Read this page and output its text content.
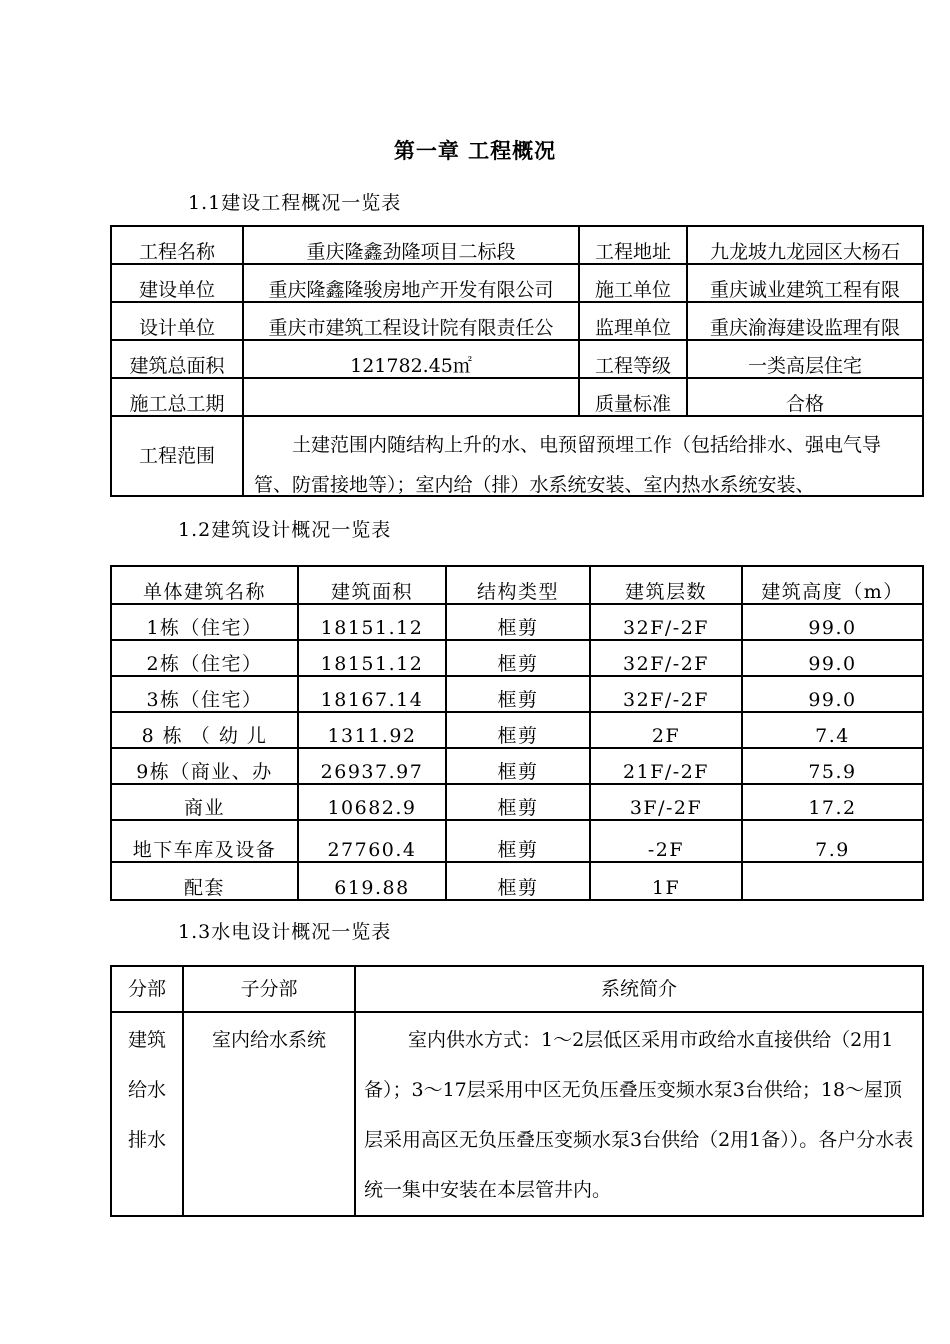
第一章 工程概况
1.1建设工程概况一览表
工程名称	重庆隆鑫劲隆项目二标段	工程地址	九龙坡九龙园区大杨石
建设单位	重庆隆鑫隆骏房地产开发有限公司	施工单位	重庆诚业建筑工程有限
设计单位	重庆市建筑工程设计院有限责任公	监理单位	重庆渝海建设监理有限
建筑总面积	121782.45㎡	工程等级	一类高层住宅
施工总工期		质量标准	合格
工程范围	土建范围内随结构上升的水、电预留预埋工作（包括给排水、强电气导管、防雷接地等）；室内给（排）水系统安装、室内热水系统安装、		
1.2建筑设计概况一览表
单体建筑名称	建筑面积	结构类型	建筑层数	建筑高度（m）
1栋（住宅）	18151.12	框剪	32F/-2F	99.0
2栋（住宅）	18151.12	框剪	32F/-2F	99.0
3栋（住宅）	18167.14	框剪	32F/-2F	99.0
8 栋 （ 幼 儿	1311.92	框剪	2F	7.4
9栋（商业、办	26937.97	框剪	21F/-2F	75.9
商业	10682.9	框剪	3F/-2F	17.2
地下车库及设备	27760.4	框剪	-2F	7.9
配套	619.88	框剪	1F	
1.3水电设计概况一览表
分部	子分部	系统简介

建筑
给水
排水	室内给水系统	室内供水方式：1～2层低区采用市政给水直接供给（2用1备）；3～17层采用中区无负压叠压变频水泵3台供给；18～屋顶层采用高区无负压叠压变频水泵3台供给（2用1备））。各户分水表统一集中安装在本层管井内。
